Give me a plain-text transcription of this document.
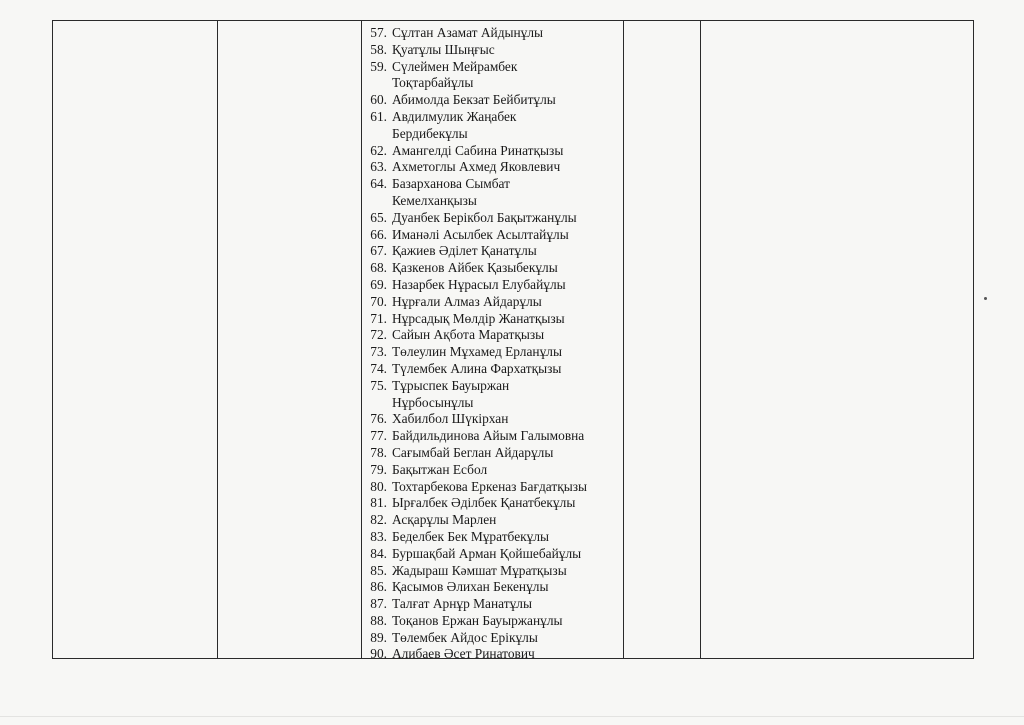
57. Сұлтан Азамат Айдынұлы
58. Қуатұлы Шыңғыс
59. Сүлеймен Мейрамбек
Тоқтарбайұлы
60. Абимолда Бекзат Бейбитұлы
61. Авдилмулик Жаңабек
Бердибекұлы
62. Амангелді Сабина Ринатқызы
63. Ахметоглы Ахмед Яковлевич
64. Базарханова Сымбат
Кемелханқызы
65. Дуанбек Берікбол Бақытжанұлы
66. Иманәлі Асылбек Асылтайұлы
67. Қажиев Әділет Қанатұлы
68. Қазкенов Айбек Қазыбекұлы
69. Назарбек Нұрасыл Елубайұлы
70. Нұрғали Алмаз Айдарұлы
71. Нұрсадық Мөлдір Жанатқызы
72. Сайын Ақбота Маратқызы
73. Төлеулин Мұхамед Ерланұлы
74. Түлембек Алина Фархатқызы
75. Тұрыспек Бауыржан
Нұрбосынұлы
76. Хабилбол Шүкірхан
77. Байдильдинова Айым Галымовна
78. Сағымбай Беглан Айдарұлы
79. Бақытжан Есбол
80. Тохтарбекова Еркеназ Бағдатқызы
81. Ырғалбек Әділбек Қанатбекұлы
82. Асқарұлы Марлен
83. Беделбек Бек Мұратбекұлы
84. Буршақбай Арман Қойшебайұлы
85. Жадыраш Кәмшат Мұратқызы
86. Қасымов Әлихан Бекенұлы
87. Талғат Арнұр Манатұлы
88. Тоқанов Ержан Бауыржанұлы
89. Төлембек Айдос Ерікұлы
90. Алибаев Әсет Ринатович
